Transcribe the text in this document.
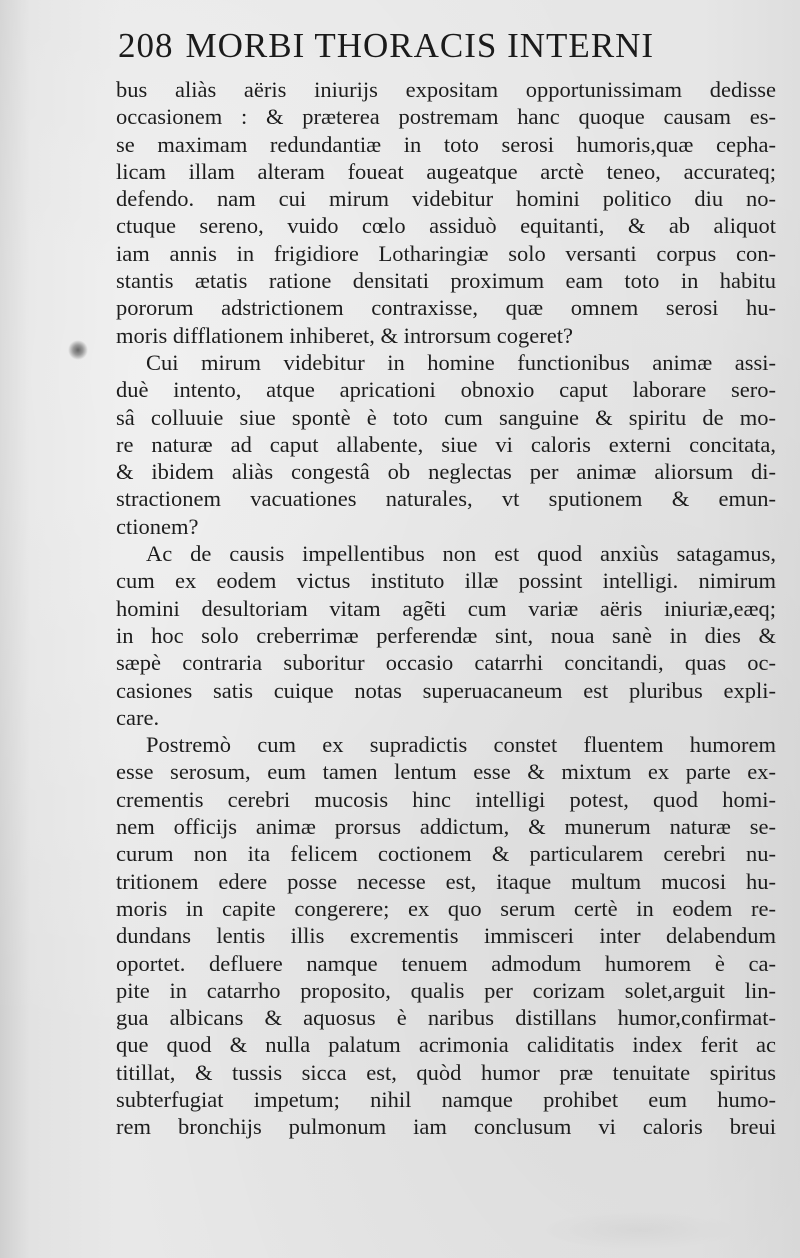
208 MORBI THORACIS INTERNI
bus aliàs aëris iniurijs expositam opportunissimam dedisse
occasionem : & præterea postremam hanc quoque causam es-
se maximam redundantiæ in toto serosi humoris,quæ cepha-
licam illam alteram foueat augeatque arctè teneo, accurateq;
defendo. nam cui mirum videbitur homini politico diu no-
ctuque sereno, vuido cœlo assiduò equitanti, & ab aliquot
iam annis in frigidiore Lotharingiæ solo versanti corpus con-
stantis ætatis ratione densitati proximum eam toto in habitu
pororum adstrictionem contraxisse, quæ omnem serosi hu-
moris difflationem inhiberet, & introrsum cogeret?
Cui mirum videbitur in homine functionibus animæ assi-
duè intento, atque apricationi obnoxio caput laborare sero-
sâ colluuie siue spontè è toto cum sanguine & spiritu de mo-
re naturæ ad caput allabente, siue vi caloris externi concitata,
& ibidem aliàs congestâ ob neglectas per animæ aliorsum di-
stractionem vacuationes naturales, vt sputionem & emun-
ctionem?
Ac de causis impellentibus non est quod anxiùs satagamus,
cum ex eodem victus instituto illæ possint intelligi. nimirum
homini desultoriam vitam agẽti cum variæ aëris iniuriæ,eæq;
in hoc solo creberrimæ perferendæ sint, noua sanè in dies &
sæpè contraria suboritur occasio catarrhi concitandi, quas oc-
casiones satis cuique notas superuacaneum est pluribus expli-
care.
Postremò cum ex supradictis constet fluentem humorem
esse serosum, eum tamen lentum esse & mixtum ex parte ex-
crementis cerebri mucosis hinc intelligi potest, quod homi-
nem officijs animæ prorsus addictum, & munerum naturæ se-
curum non ita felicem coctionem & particularem cerebri nu-
tritionem edere posse necesse est, itaque multum mucosi hu-
moris in capite congerere; ex quo serum certè in eodem re-
dundans lentis illis excrementis immisceri inter delabendum
oportet. defluere namque tenuem admodum humorem è ca-
pite in catarrho proposito, qualis per corizam solet,arguit lin-
gua albicans & aquosus è naribus distillans humor,confirmat-
que quod & nulla palatum acrimonia caliditatis index ferit ac
titillat, & tussis sicca est, quòd humor præ tenuitate spiritus
subterfugiat impetum; nihil namque prohibet eum humo-
rem bronchijs pulmonum iam conclusum vi caloris breui
